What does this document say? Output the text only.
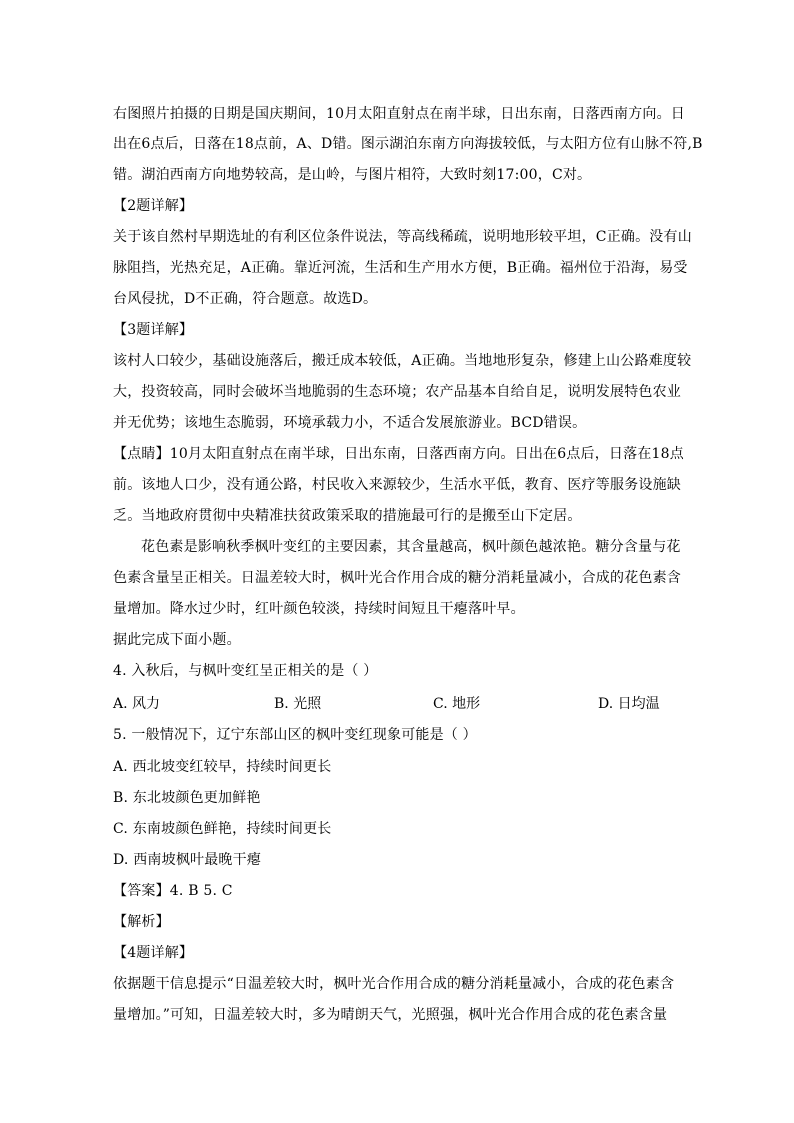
右图照片拍摄的日期是国庆期间，10月太阳直射点在南半球，日出东南，日落西南方向。日
出在6点后，日落在18点前，A、D错。图示湖泊东南方向海拔较低，与太阳方位有山脉不符,B
错。湖泊西南方向地势较高，是山岭，与图片相符，大致时刻17:00，C对。
【2题详解】
关于该自然村早期选址的有利区位条件说法，等高线稀疏，说明地形较平坦，C正确。没有山
脉阻挡，光热充足，A正确。靠近河流，生活和生产用水方便，B正确。福州位于沿海，易受
台风侵扰，D不正确，符合题意。故选D。
【3题详解】
该村人口较少，基础设施落后，搬迁成本较低，A正确。当地地形复杂，修建上山公路难度较
大，投资较高，同时会破坏当地脆弱的生态环境；农产品基本自给自足，说明发展特色农业
并无优势；该地生态脆弱，环境承载力小，不适合发展旅游业。BCD错误。
【点睛】10月太阳直射点在南半球，日出东南，日落西南方向。日出在6点后，日落在18点
前。该地人口少，没有通公路，村民收入来源较少，生活水平低，教育、医疗等服务设施缺
乏。当地政府贯彻中央精准扶贫政策采取的措施最可行的是搬至山下定居。
花色素是影响秋季枫叶变红的主要因素，其含量越高，枫叶颜色越浓艳。糖分含量与花
色素含量呈正相关。日温差较大时，枫叶光合作用合成的糖分消耗量减小，合成的花色素含
量增加。降水过少时，红叶颜色较淡，持续时间短且干瘪落叶早。
据此完成下面小题。
4. 入秋后，与枫叶变红呈正相关的是（ ）
A. 风力	B. 光照	C. 地形	D. 日均温
5. 一般情况下，辽宁东部山区的枫叶变红现象可能是（ ）
A. 西北坡变红较早，持续时间更长
B. 东北坡颜色更加鲜艳
C. 东南坡颜色鲜艳，持续时间更长
D. 西南坡枫叶最晚干瘪
【答案】4. B 5. C
【解析】
【4题详解】
依据题干信息提示“日温差较大时，枫叶光合作用合成的糖分消耗量减小，合成的花色素含
量增加。”可知，日温差较大时，多为晴朗天气，光照强，枫叶光合作用合成的花色素含量
